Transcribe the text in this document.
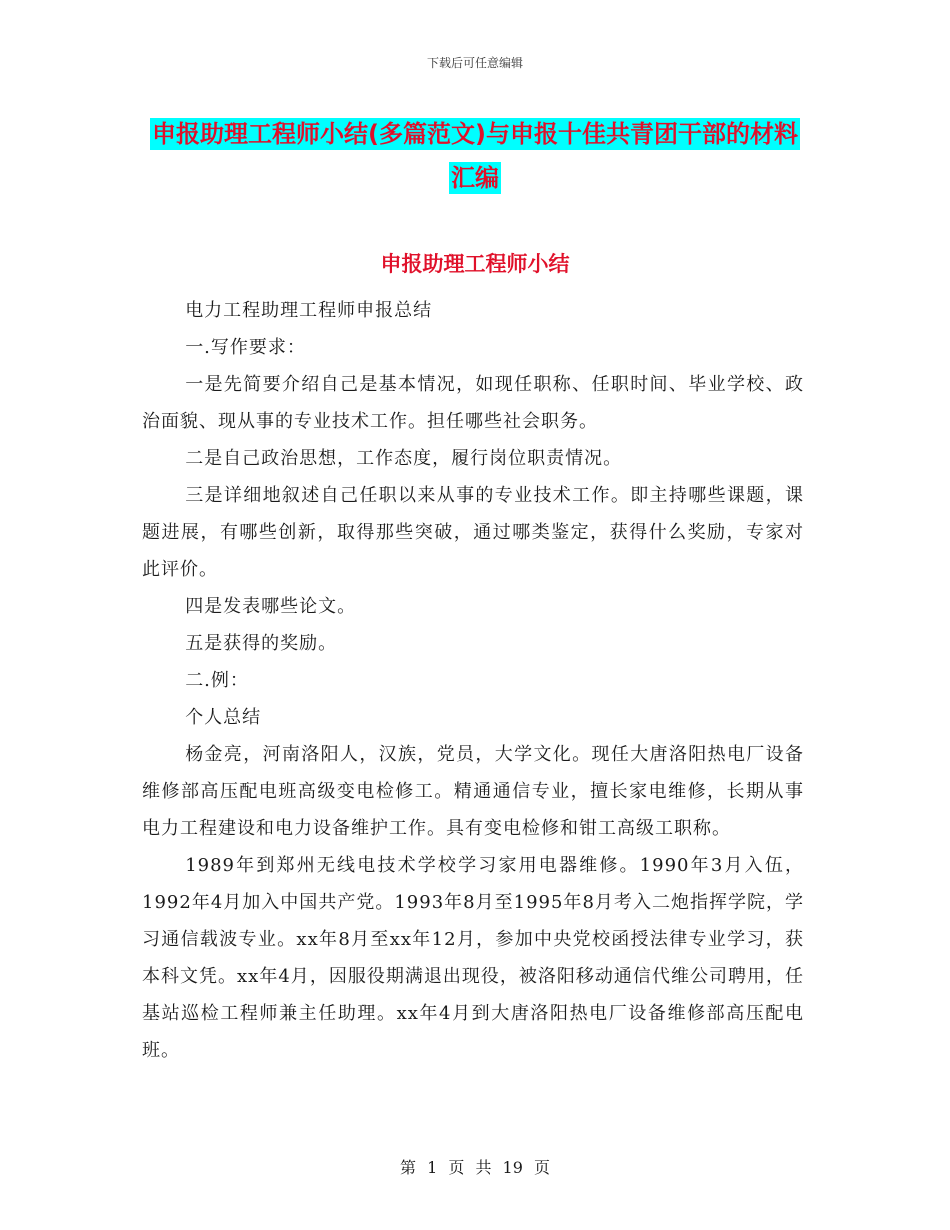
下载后可任意编辑
申报助理工程师小结(多篇范文)与申报十佳共青团干部的材料汇编
申报助理工程师小结

电力工程助理工程师申报总结

一.写作要求：

一是先简要介绍自己是基本情况，如现任职称、任职时间、毕业学校、政治面貌、现从事的专业技术工作。担任哪些社会职务。

二是自己政治思想，工作态度，履行岗位职责情况。

三是详细地叙述自己任职以来从事的专业技术工作。即主持哪些课题，课题进展，有哪些创新，取得那些突破，通过哪类鉴定，获得什么奖励，专家对此评价。

四是发表哪些论文。

五是获得的奖励。

二.例：

个人总结

杨金亮，河南洛阳人，汉族，党员，大学文化。现任大唐洛阳热电厂设备维修部高压配电班高级变电检修工。精通通信专业，擅长家电维修，长期从事电力工程建设和电力设备维护工作。具有变电检修和钳工高级工职称。

1989年到郑州无线电技术学校学习家用电器维修。1990年3月入伍，1992年4月加入中国共产党。1993年8月至1995年8月考入二炮指挥学院，学习通信载波专业。xx年8月至xx年12月，参加中央党校函授法律专业学习，获本科文凭。xx年4月，因服役期满退出现役，被洛阳移动通信代维公司聘用，任基站巡检工程师兼主任助理。xx年4月到大唐洛阳热电厂设备维修部高压配电班。

第 1 页 共 19 页
